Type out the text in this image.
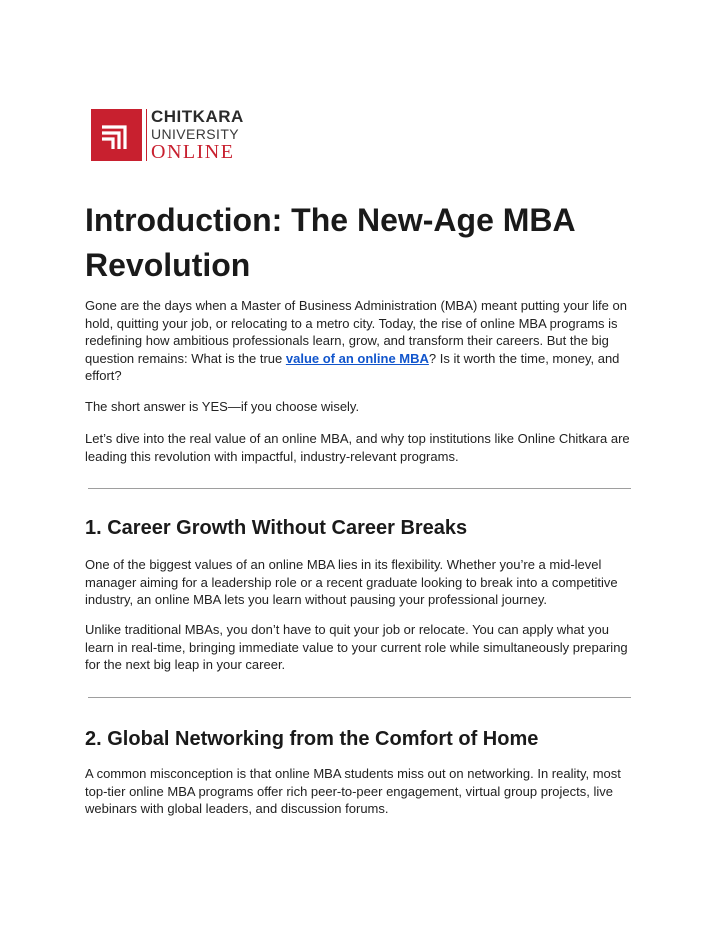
CHITKARA
UNIVERSITY
ONLINE
Introduction: The New-Age MBA Revolution

Gone are the days when a Master of Business Administration (MBA) meant putting your life on hold, quitting your job, or relocating to a metro city. Today, the rise of online MBA programs is redefining how ambitious professionals learn, grow, and transform their careers. But the big question remains: What is the true value of an online MBA? Is it worth the time, money, and effort?

The short answer is YES—if you choose wisely.

Let’s dive into the real value of an online MBA, and why top institutions like Online Chitkara are leading this revolution with impactful, industry-relevant programs.

1. Career Growth Without Career Breaks

One of the biggest values of an online MBA lies in its flexibility. Whether you’re a mid-level manager aiming for a leadership role or a recent graduate looking to break into a competitive industry, an online MBA lets you learn without pausing your professional journey.

Unlike traditional MBAs, you don’t have to quit your job or relocate. You can apply what you learn in real-time, bringing immediate value to your current role while simultaneously preparing for the next big leap in your career.

2. Global Networking from the Comfort of Home

A common misconception is that online MBA students miss out on networking. In reality, most top-tier online MBA programs offer rich peer-to-peer engagement, virtual group projects, live webinars with global leaders, and discussion forums.
